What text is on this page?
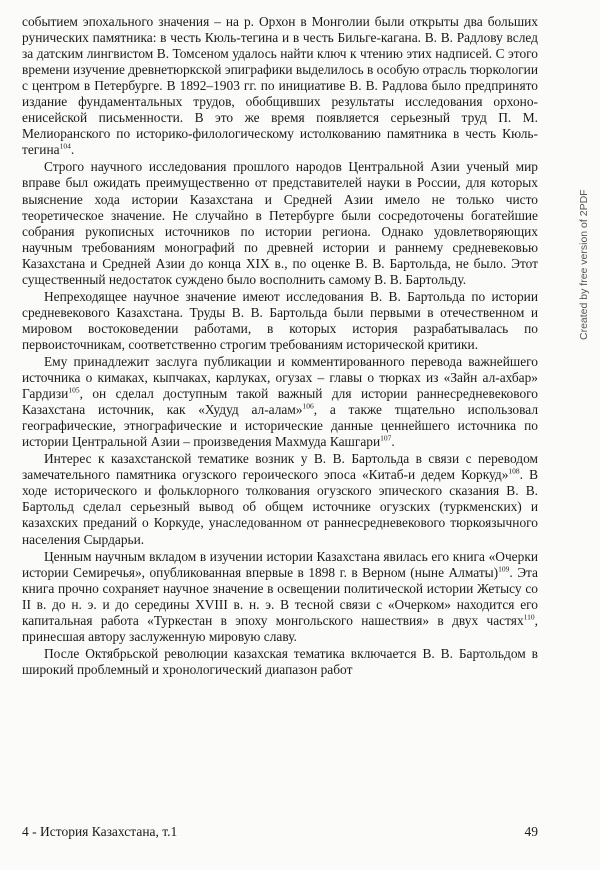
событием эпохального значения – на р. Орхон в Монголии были открыты два больших рунических памятника: в честь Кюль-тегина и в честь Бильге-кагана. В. В. Радлову вслед за датским лингвистом В. Томсеном удалось найти ключ к чтению этих надписей. С этого времени изучение древнетюркской эпиграфики выделилось в особую отрасль тюркологии с центром в Петербурге. В 1892–1903 гг. по инициативе В. В. Радлова было предпринято издание фундаментальных трудов, обобщивших результаты исследования орхоно-енисейской письменности. В это же время появляется серьезный труд П. М. Мелиоранского по историко-филологическому истолкованию памятника в честь Кюль-тегина$^{104}$.

Строго научного исследования прошлого народов Центральной Азии ученый мир вправе был ожидать преимущественно от представителей науки в России, для которых выяснение хода истории Казахстана и Средней Азии имело не только чисто теоретическое значение. Не случайно в Петербурге были сосредоточены богатейшие собрания рукописных источников по истории региона. Однако удовлетворяющих научным требованиям монографий по древней истории и раннему средневековью Казахстана и Средней Азии до конца XIX в., по оценке В. В. Бартольда, не было. Этот существенный недостаток суждено было восполнить самому В. В. Бартольду.

Непреходящее научное значение имеют исследования В. В. Бартольда по истории средневекового Казахстана. Труды В. В. Бартольда были первыми в отечественном и мировом востоковедении работами, в которых история разрабатывалась по первоисточникам, соответственно строгим требованиям исторической критики.

Ему принадлежит заслуга публикации и комментированного перевода важнейшего источника о кимаках, кыпчаках, карлуках, огузах – главы о тюрках из «Зайн ал-ахбар» Гардизи$^{105}$, он сделал доступным такой важный для истории раннесредневекового Казахстана источник, как «Худуд ал-алам»$^{106}$, а также тщательно использовал географические, этнографические и исторические данные ценнейшего источника по истории Центральной Азии – произведения Махмуда Кашгари$^{107}$.

Интерес к казахстанской тематике возник у В. В. Бартольда в связи с переводом замечательного памятника огузского героического эпоса «Китаб-и дедем Коркуд»$^{108}$. В ходе исторического и фольклорного толкования огузского эпического сказания В. В. Бартольд сделал серьезный вывод об общем источнике огузских (туркменских) и казахских преданий о Коркуде, унаследованном от раннесредневекового тюркоязычного населения Сырдарьи.

Ценным научным вкладом в изучении истории Казахстана явилась его книга «Очерки истории Семиречья», опубликованная впервые в 1898 г. в Верном (ныне Алматы)$^{109}$. Эта книга прочно сохраняет научное значение в освещении политической истории Жетысу со II в. до н. э. и до середины XVIII в. н. э. В тесной связи с «Очерком» находится его капитальная работа «Туркестан в эпоху монгольского нашествия» в двух частях$^{110}$, принесшая автору заслуженную мировую славу.

После Октябрьской революции казахская тематика включается В. В. Бартольдом в широкий проблемный и хронологический диапазон работ

4 - История Казахстана, т.1	49
Created by free version of 2PDF
